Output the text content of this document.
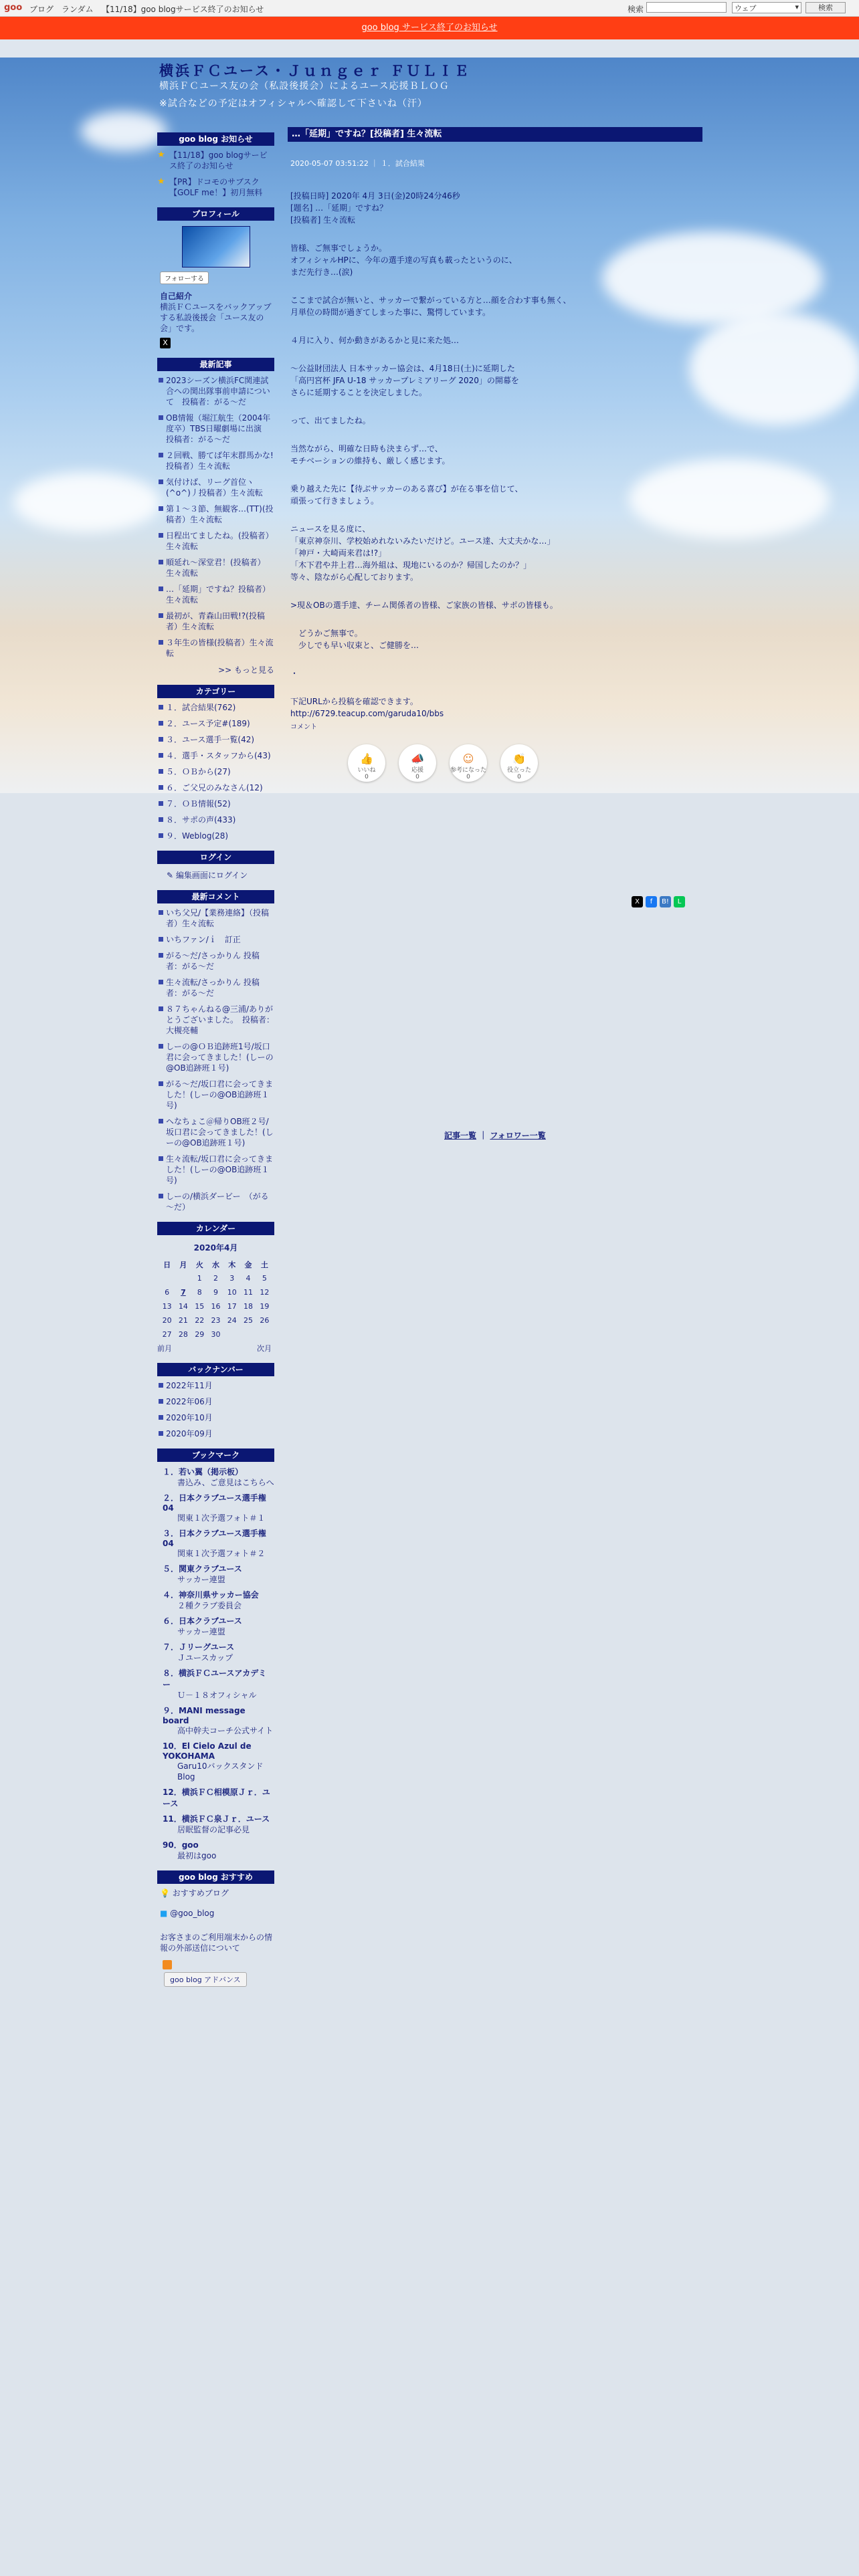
goo ブログ ランダム 【11/18】goo blogサービス終了のお知らせ	検索	ウェブ ▾	検索
goo blog サービス終了のお知らせ
横浜ＦＣユース・Ｊｕｎｇｅｒ ＦＵＬＩＥ
横浜ＦＣユース友の会（私設後援会）によるユース応援ＢＬＯＧ
※試合などの予定はオフィシャルへ確認して下さいね（汗）
goo blog お知らせ
★ 【11/18】goo blogサービス終了のお知らせ
★ 【PR】ドコモのサブスク【GOLF me！】初月無料
プロフィール
フォローする
自己紹介
横浜ＦＣユースをバックアップする私設後援会「ユース友の会」です。
X
最新記事
2023シーズン横浜FC関連試合への関出隊事前申請について　投稿者：がる～だ
OB情報（堀江航生（2004年度卒）TBS日曜劇場に出演　投稿者：がる～だ
２回戦、勝てば年末群馬かな!投稿者）生々流転
気付けば、リーグ首位ヽ(^o^)丿投稿者）生々流転
第１～３節、無観客…(TT)(投稿者）生々流転
日程出てましたね。(投稿者）生々流転
順延れ～深堂君！(投稿者）生々流転
…「延期」ですね？投稿者）生々流転
最初が、青森山田戦!?(投稿者）生々流転
３年生の皆様(投稿者）生々流転
>> もっと見る
カテゴリー
１．試合結果(762)
２．ユース予定#(189)
３．ユース選手一覧(42)
４．選手・スタッフから(43)
５．ＯＢから(27)
６．ご父兄のみなさん(12)
７．ＯＢ情報(52)
８．サポの声(433)
９．Weblog(28)
ログイン
✎ 編集画面にログイン
最新コメント
いち父兄/【業務連絡】（投稿者）生々流転
いちファン/ｉ　訂正
がる～だ/さっかりん 投稿者：がる～だ
生々流転/さっかりん 投稿者：がる～だ
８７ちゃんねる@三浦/ありがとうございました。　投稿者： 大槻亮輔
しーの@ＯＢ追跡班1号/坂口君に会ってきました！(しーの@OB追跡班１号)
がる～だ/坂口君に会ってきました！(しーの@OB追跡班１号)
ヘなちょこ＠帰りOB班２号/坂口君に会ってきました！(しーの@OB追跡班１号)
生々流転/坂口君に会ってきました！(しーの@OB追跡班１号)
しーの/横浜ダービー　（がる～だ）
カレンダー
2020年4月
日	月	火	水	木	金	土
		1	2	3	4	5
6	7	8	9	10	11	12
13	14	15	16	17	18	19
20	21	22	23	24	25	26
27	28	29	30			
前月	次月
バックナンバー
2022年11月
2022年06月
2020年10月
2020年09月
ブックマーク
１．若い翼（掲示板）
書込み、ご意見はこちらへ
２．日本クラブユース選手権04
関東１次予選フォト＃１
３．日本クラブユース選手権04
関東１次予選フォト＃２
５．関東クラブユース
サッカー連盟
４．神奈川県サッカー協会
２種クラブ委員会
６．日本クラブユース
サッカー連盟
７．Ｊリーグユース
Ｊユースカップ
８．横浜ＦＣユースアカデミー
Ｕ－１８オフィシャル
９．MANI message board
高中幹夫コーチ公式サイト
10．El Cielo Azul de YOKOHAMA
Garu10バックスタンドBlog
12．横浜ＦＣ相模原Ｊｒ．ユース
11．横浜ＦＣ泉Ｊｒ．ユース
居眠監督の記事必見
90．goo
最初はgoo
goo blog おすすめ
💡 おすすめブログ
■ @goo_blog
お客さまのご利用端末からの情報の外部送信について
goo blog アドバンス
…「延期」ですね？[投稿者] 生々流転
2020-05-07 03:51:22 ｜ １．試合結果

[投稿日時] 2020年 4月 3日(金)20時24分46秒
[題名] …「延期」ですね？
[投稿者] 生々流転

皆様、ご無事でしょうか。
オフィシャルHPに、今年の選手達の写真も載ったというのに、
まだ先行き…(涙)

ここまで試合が無いと、サッカーで繋がっている方と…顔を合わす事も無く、
月単位の時間が過ぎてしまった事に、驚愕しています。

４月に入り、何か動きがあるかと見に来た処…

〜公益財団法人 日本サッカー協会は、4月18日(土)に延期した
「高円宮杯 JFA U-18 サッカープレミアリーグ 2020」の開幕を
さらに延期することを決定しました。

って、出てましたね。

当然ながら、明確な日時も決まらず…で、
モチベーションの維持も、厳しく感じます。

乗り越えた先に【待ぶサッカーのある喜び】が在る事を信じて、
頑張って行きましょう。

ニュースを見る度に、
「東京神奈川、学校始めれないみたいだけど。ユース達、大丈夫かな…」
「神戸・大崎両来君は!?」
「木下君や井上君…海外組は、現地にいるのか？帰国したのか？」
等々、陰ながら心配しております。

>現＆OBの選手達、チーム関係者の皆様、ご家族の皆様、サポの皆様も。

　どうかご無事で。
　少しでも早い収束と、ご健勝を…

・

下記URLから投稿を確認できます。
http://6729.teacup.com/garuda10/bbs
コメント
👍
いいね
0
📣
応援
0
☺
参考になった
0
👏
役立った
0
X f B! L
記事一覧 ｜ フォロワー一覧
